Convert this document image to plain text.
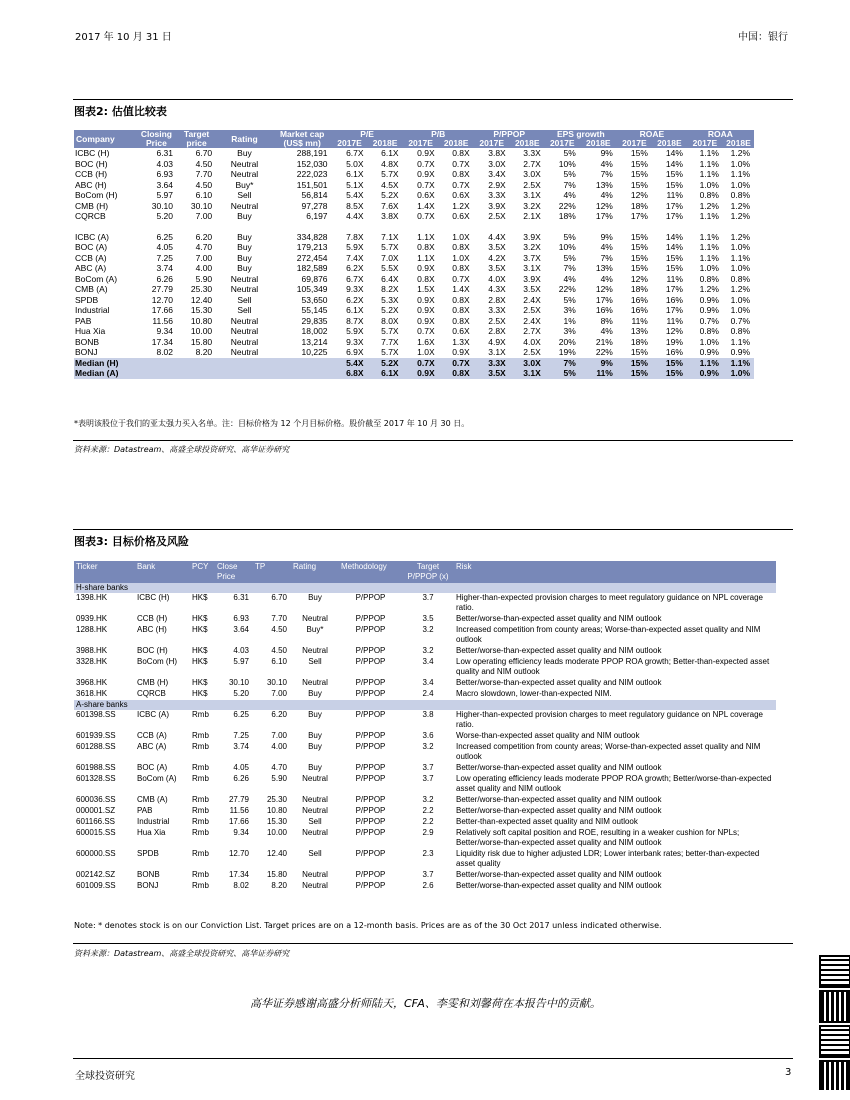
2017 年 10 月 31 日	中国：银行
图表2: 估值比较表
Company	Closing Price	Target price	Rating	Market cap (US$ mn)	P/E		P/B		P/PPOP		EPS growth		ROAE		ROAA	
					2017E	2018E	2017E	2018E	2017E	2018E	2017E	2018E	2017E	2018E	2017E	2018E
ICBC (H)	6.31	6.70	Buy	288,191	6.7X	6.1X	0.9X	0.8X	3.8X	3.3X	5%	9%	15%	14%	1.1%	1.2%
BOC (H)	4.03	4.50	Neutral	152,030	5.0X	4.8X	0.7X	0.7X	3.0X	2.7X	10%	4%	15%	14%	1.1%	1.0%
CCB (H)	6.93	7.70	Neutral	222,023	6.1X	5.7X	0.9X	0.8X	3.4X	3.0X	5%	7%	15%	15%	1.1%	1.1%
ABC (H)	3.64	4.50	Buy*	151,501	5.1X	4.5X	0.7X	0.7X	2.9X	2.5X	7%	13%	15%	15%	1.0%	1.0%
BoCom (H)	5.97	6.10	Sell	56,814	5.4X	5.2X	0.6X	0.6X	3.3X	3.1X	4%	4%	12%	11%	0.8%	0.8%
CMB (H)	30.10	30.10	Neutral	97,278	8.5X	7.6X	1.4X	1.2X	3.9X	3.2X	22%	12%	18%	17%	1.2%	1.2%
CQRCB	5.20	7.00	Buy	6,197	4.4X	3.8X	0.7X	0.6X	2.5X	2.1X	18%	17%	17%	17%	1.1%	1.2%

ICBC (A)	6.25	6.20	Buy	334,828	7.8X	7.1X	1.1X	1.0X	4.4X	3.9X	5%	9%	15%	14%	1.1%	1.2%
BOC (A)	4.05	4.70	Buy	179,213	5.9X	5.7X	0.8X	0.8X	3.5X	3.2X	10%	4%	15%	14%	1.1%	1.0%
CCB (A)	7.25	7.00	Buy	272,454	7.4X	7.0X	1.1X	1.0X	4.2X	3.7X	5%	7%	15%	15%	1.1%	1.1%
ABC (A)	3.74	4.00	Buy	182,589	6.2X	5.5X	0.9X	0.8X	3.5X	3.1X	7%	13%	15%	15%	1.0%	1.0%
BoCom (A)	6.26	5.90	Neutral	69,876	6.7X	6.4X	0.8X	0.7X	4.0X	3.9X	4%	4%	12%	11%	0.8%	0.8%
CMB (A)	27.79	25.30	Neutral	105,349	9.3X	8.2X	1.5X	1.4X	4.3X	3.5X	22%	12%	18%	17%	1.2%	1.2%
SPDB	12.70	12.40	Sell	53,650	6.2X	5.3X	0.9X	0.8X	2.8X	2.4X	5%	17%	16%	16%	0.9%	1.0%
Industrial	17.66	15.30	Sell	55,145	6.1X	5.2X	0.9X	0.8X	3.3X	2.5X	3%	16%	16%	17%	0.9%	1.0%
PAB	11.56	10.80	Neutral	29,835	8.7X	8.0X	0.9X	0.8X	2.5X	2.4X	1%	8%	11%	11%	0.7%	0.7%
Hua Xia	9.34	10.00	Neutral	18,002	5.9X	5.7X	0.7X	0.6X	2.8X	2.7X	3%	4%	13%	12%	0.8%	0.8%
BONB	17.34	15.80	Neutral	13,214	9.3X	7.7X	1.6X	1.3X	4.9X	4.0X	20%	21%	18%	19%	1.0%	1.1%
BONJ	8.02	8.20	Neutral	10,225	6.9X	5.7X	1.0X	0.9X	3.1X	2.5X	19%	22%	15%	16%	0.9%	0.9%
Median (H)					5.4X	5.2X	0.7X	0.7X	3.3X	3.0X	7%	9%	15%	15%	1.1%	1.1%
Median (A)					6.8X	6.1X	0.9X	0.8X	3.5X	3.1X	5%	11%	15%	15%	0.9%	1.0%
*表明该股位于我们的亚太强力买入名单。注：目标价格为 12 个月目标价格。股价截至 2017 年 10 月 30 日。
资料来源：Datastream、高盛全球投资研究、高华证券研究
图表3: 目标价格及风险
Ticker	Bank	PCY	Close Price	TP	Rating	Methodology	Target P/PPOP (x)	Risk
H-share banks								
1398.HK	ICBC (H)	HK$	6.31	6.70	Buy	P/PPOP	3.7	Higher-than-expected provision charges to meet regulatory guidance on NPL coverage ratio.
0939.HK	CCB (H)	HK$	6.93	7.70	Neutral	P/PPOP	3.5	Better/worse-than-expected asset quality and NIM outlook
1288.HK	ABC (H)	HK$	3.64	4.50	Buy*	P/PPOP	3.2	Increased competition from county areas; Worse-than-expected asset quality and NIM outlook
3988.HK	BOC (H)	HK$	4.03	4.50	Neutral	P/PPOP	3.2	Better/worse-than-expected asset quality and NIM outlook
3328.HK	BoCom (H)	HK$	5.97	6.10	Sell	P/PPOP	3.4	Low operating efficiency leads moderate PPOP ROA growth; Better-than-expected asset quality and NIM outlook
3968.HK	CMB (H)	HK$	30.10	30.10	Neutral	P/PPOP	3.4	Better/worse-than-expected asset quality and NIM outlook
3618.HK	CQRCB	HK$	5.20	7.00	Buy	P/PPOP	2.4	Macro slowdown, lower-than-expected NIM.
A-share banks								
601398.SS	ICBC (A)	Rmb	6.25	6.20	Buy	P/PPOP	3.8	Higher-than-expected provision charges to meet regulatory guidance on NPL coverage ratio.
601939.SS	CCB (A)	Rmb	7.25	7.00	Buy	P/PPOP	3.6	Worse-than-expected asset quality and NIM outlook
601288.SS	ABC (A)	Rmb	3.74	4.00	Buy	P/PPOP	3.2	Increased competition from county areas; Worse-than-expected asset quality and NIM outlook
601988.SS	BOC (A)	Rmb	4.05	4.70	Buy	P/PPOP	3.7	Better/worse-than-expected asset quality and NIM outlook
601328.SS	BoCom (A)	Rmb	6.26	5.90	Neutral	P/PPOP	3.7	Low operating efficiency leads moderate PPOP ROA growth; Better/worse-than-expected asset quality and NIM outlook
600036.SS	CMB (A)	Rmb	27.79	25.30	Neutral	P/PPOP	3.2	Better/worse-than-expected asset quality and NIM outlook
000001.SZ	PAB	Rmb	11.56	10.80	Neutral	P/PPOP	2.2	Better/worse-than-expected asset quality and NIM outlook
601166.SS	Industrial	Rmb	17.66	15.30	Sell	P/PPOP	2.2	Better-than-expected asset quality and NIM outlook
600015.SS	Hua Xia	Rmb	9.34	10.00	Neutral	P/PPOP	2.9	Relatively soft capital position and ROE, resulting in a weaker cushion for NPLs; Better/worse-than-expected asset quality and NIM outlook
600000.SS	SPDB	Rmb	12.70	12.40	Sell	P/PPOP	2.3	Liquidity risk due to higher adjusted LDR; Lower interbank rates; better-than-expected asset quality
002142.SZ	BONB	Rmb	17.34	15.80	Neutral	P/PPOP	3.7	Better/worse-than-expected asset quality and NIM outlook
601009.SS	BONJ	Rmb	8.02	8.20	Neutral	P/PPOP	2.6	Better/worse-than-expected asset quality and NIM outlook
Note: * denotes stock is on our Conviction List. Target prices are on a 12-month basis. Prices are as of the 30 Oct 2017 unless indicated otherwise.
资料来源：Datastream、高盛全球投资研究、高华证券研究
高华证券感谢高盛分析师陆天，CFA、李雯和刘馨荷在本报告中的贡献。
全球投资研究	3
